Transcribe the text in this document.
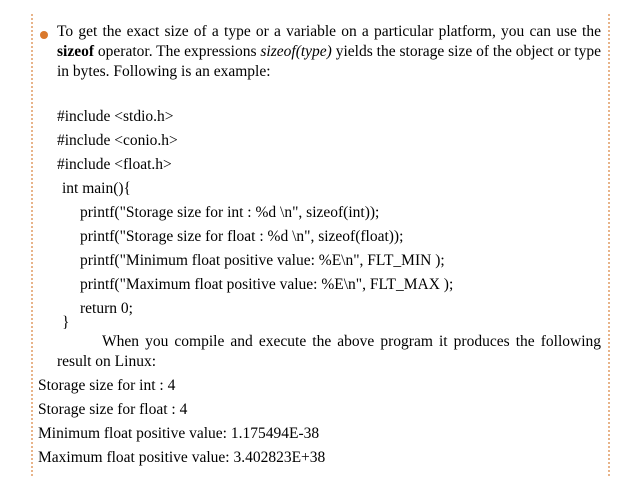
To get the exact size of a type or a variable on a particular platform, you can use the sizeof operator. The expressions sizeof(type) yields the storage size of the object or type in bytes. Following is an example:
#include <stdio.h>
#include <conio.h>
#include <float.h>
int main(){
printf("Storage size for int : %d \n", sizeof(int));
printf("Storage size for float : %d \n", sizeof(float));
printf("Minimum float positive value: %E\n", FLT_MIN );
printf("Maximum float positive value: %E\n", FLT_MAX );
return 0;
}
When you compile and execute the above program it produces the following result on Linux:
Storage size for int : 4
Storage size for float : 4
Minimum float positive value: 1.175494E-38
Maximum float positive value: 3.402823E+38
